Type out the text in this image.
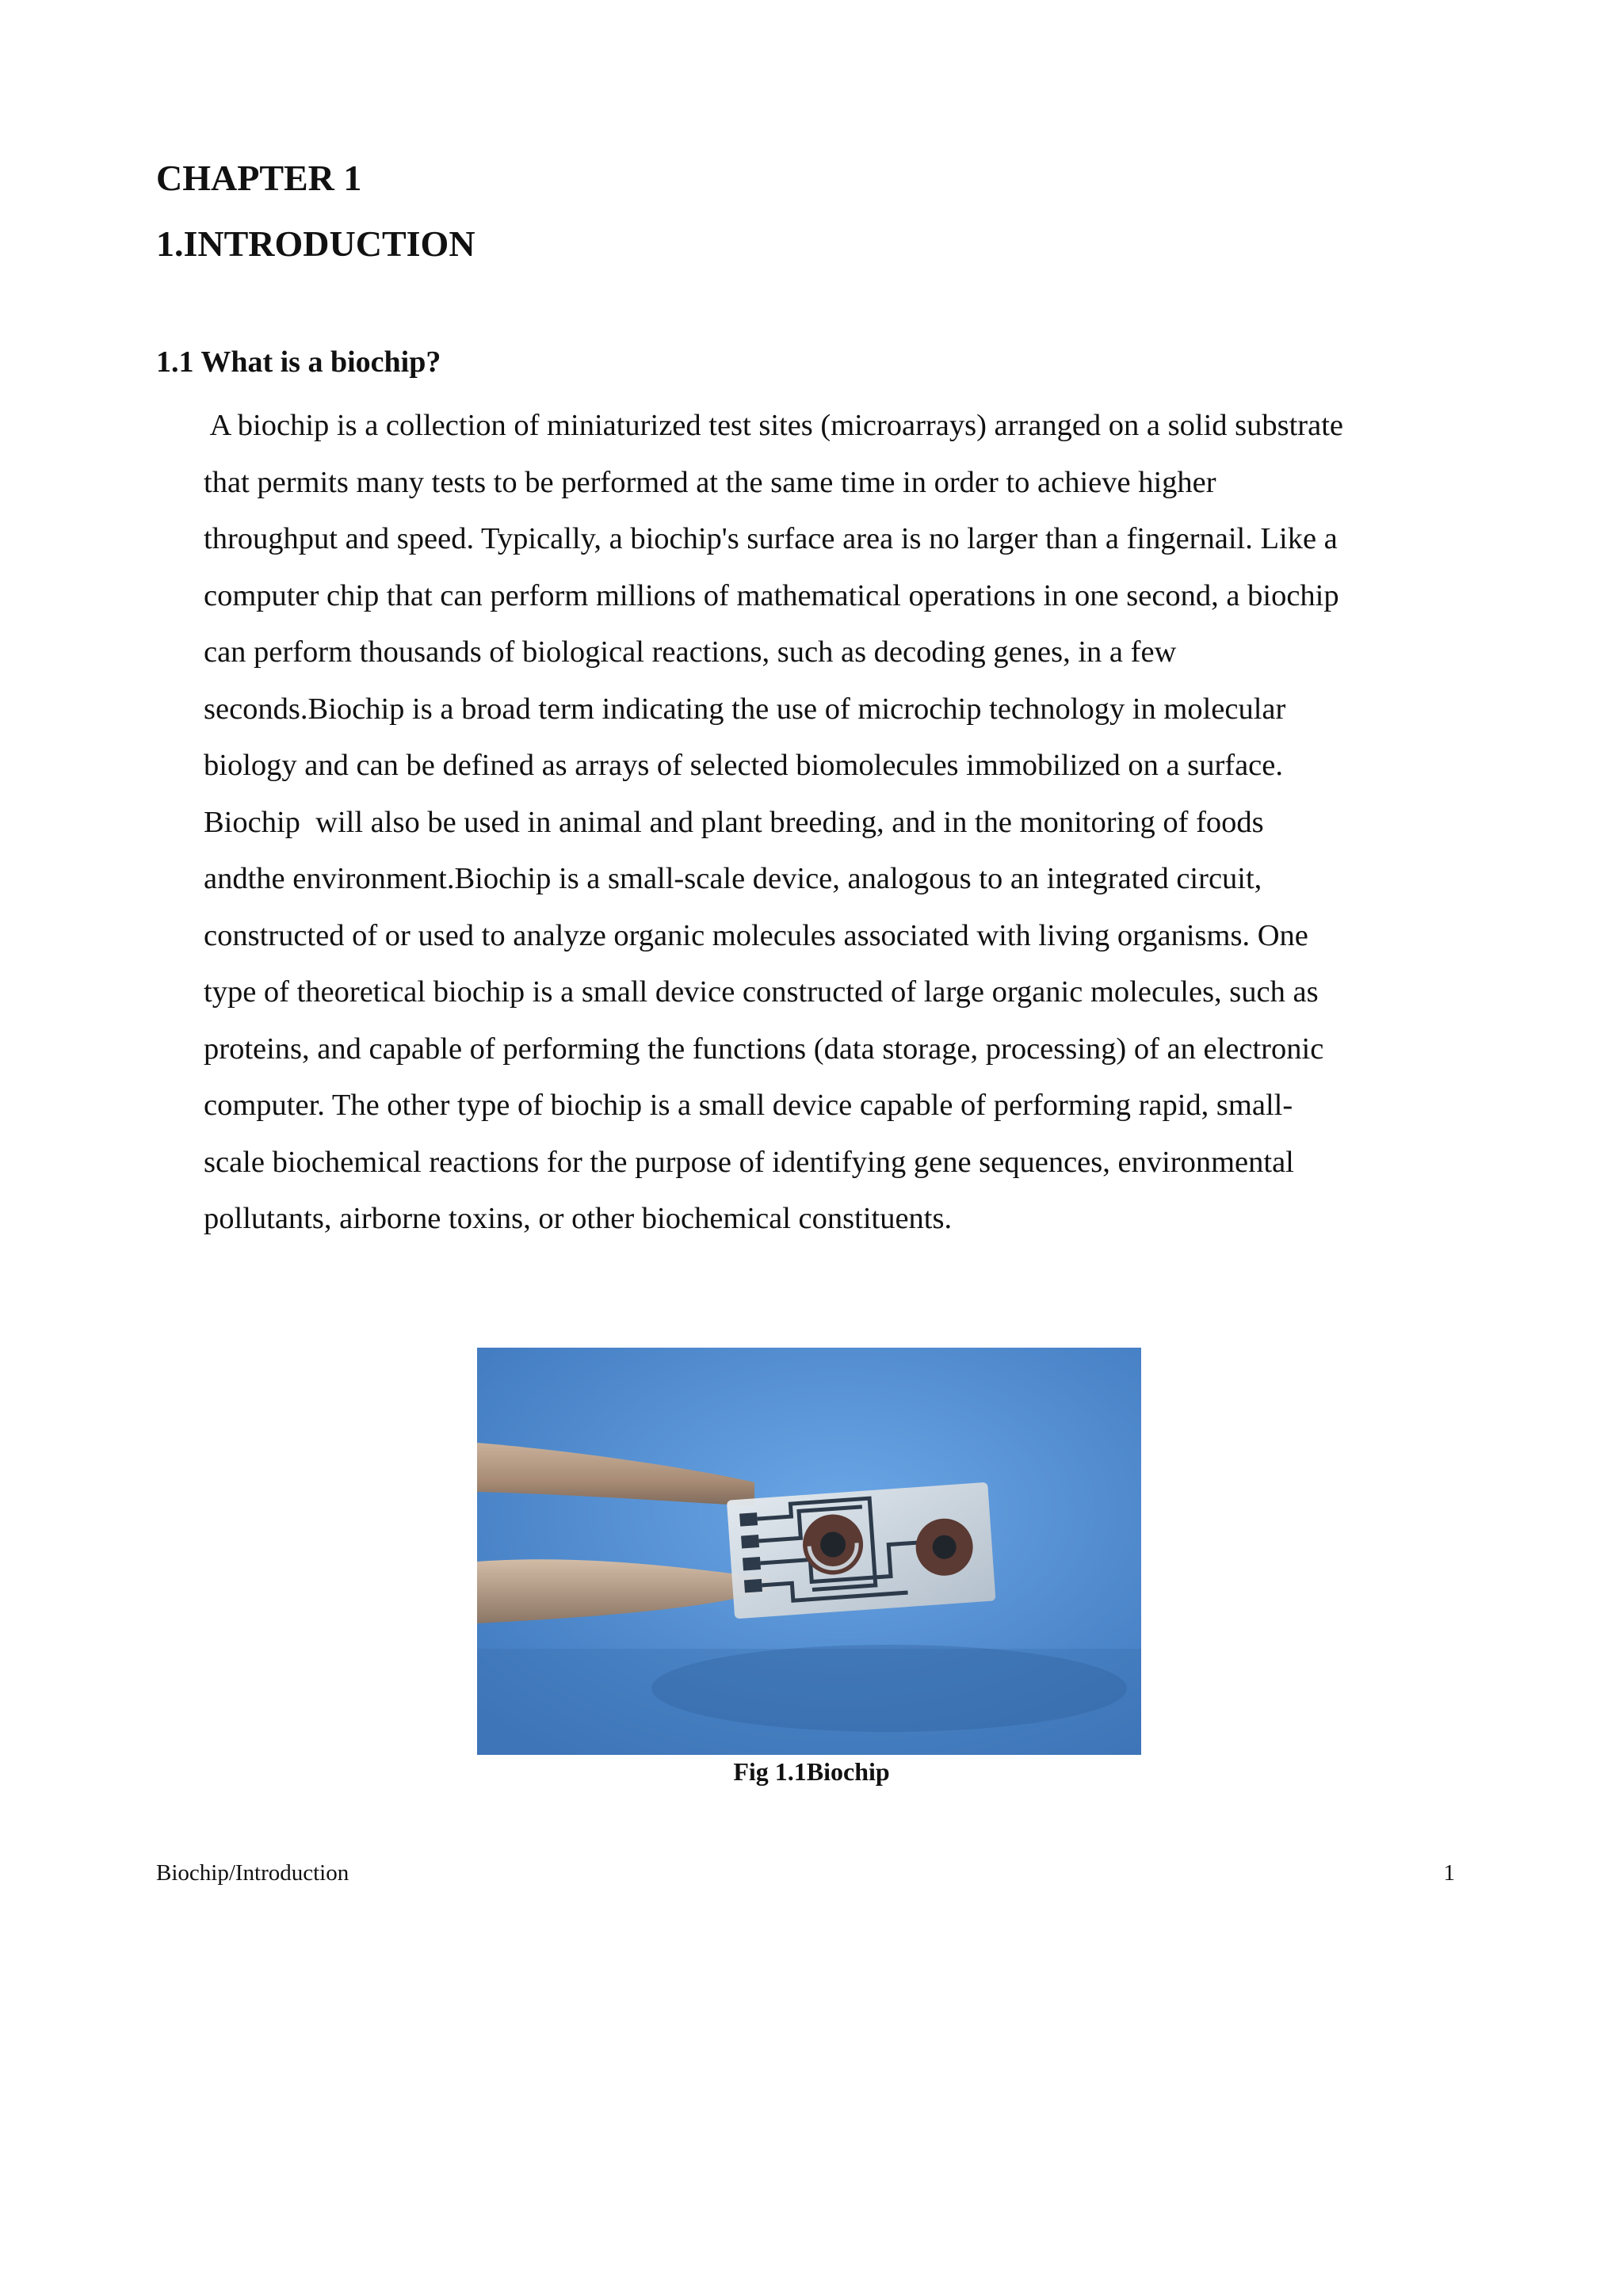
CHAPTER 1
1.INTRODUCTION
1.1 What is a biochip?
A biochip is a collection of miniaturized test sites (microarrays) arranged on a solid substrate
that permits many tests to be performed at the same time in order to achieve higher
throughput and speed. Typically, a biochip's surface area is no larger than a fingernail. Like a
computer chip that can perform millions of mathematical operations in one second, a biochip
can perform thousands of biological reactions, such as decoding genes, in a few
seconds.Biochip is a broad term indicating the use of microchip technology in molecular
biology and can be defined as arrays of selected biomolecules immobilized on a surface.
Biochip  will also be used in animal and plant breeding, and in the monitoring of foods
andthe environment.Biochip is a small-scale device, analogous to an integrated circuit,
constructed of or used to analyze organic molecules associated with living organisms. One
type of theoretical biochip is a small device constructed of large organic molecules, such as
proteins, and capable of performing the functions (data storage, processing) of an electronic
computer. The other type of biochip is a small device capable of performing rapid, small-
scale biochemical reactions for the purpose of identifying gene sequences, environmental
pollutants, airborne toxins, or other biochemical constituents.
Fig 1.1Biochip
Biochip/Introduction	1
